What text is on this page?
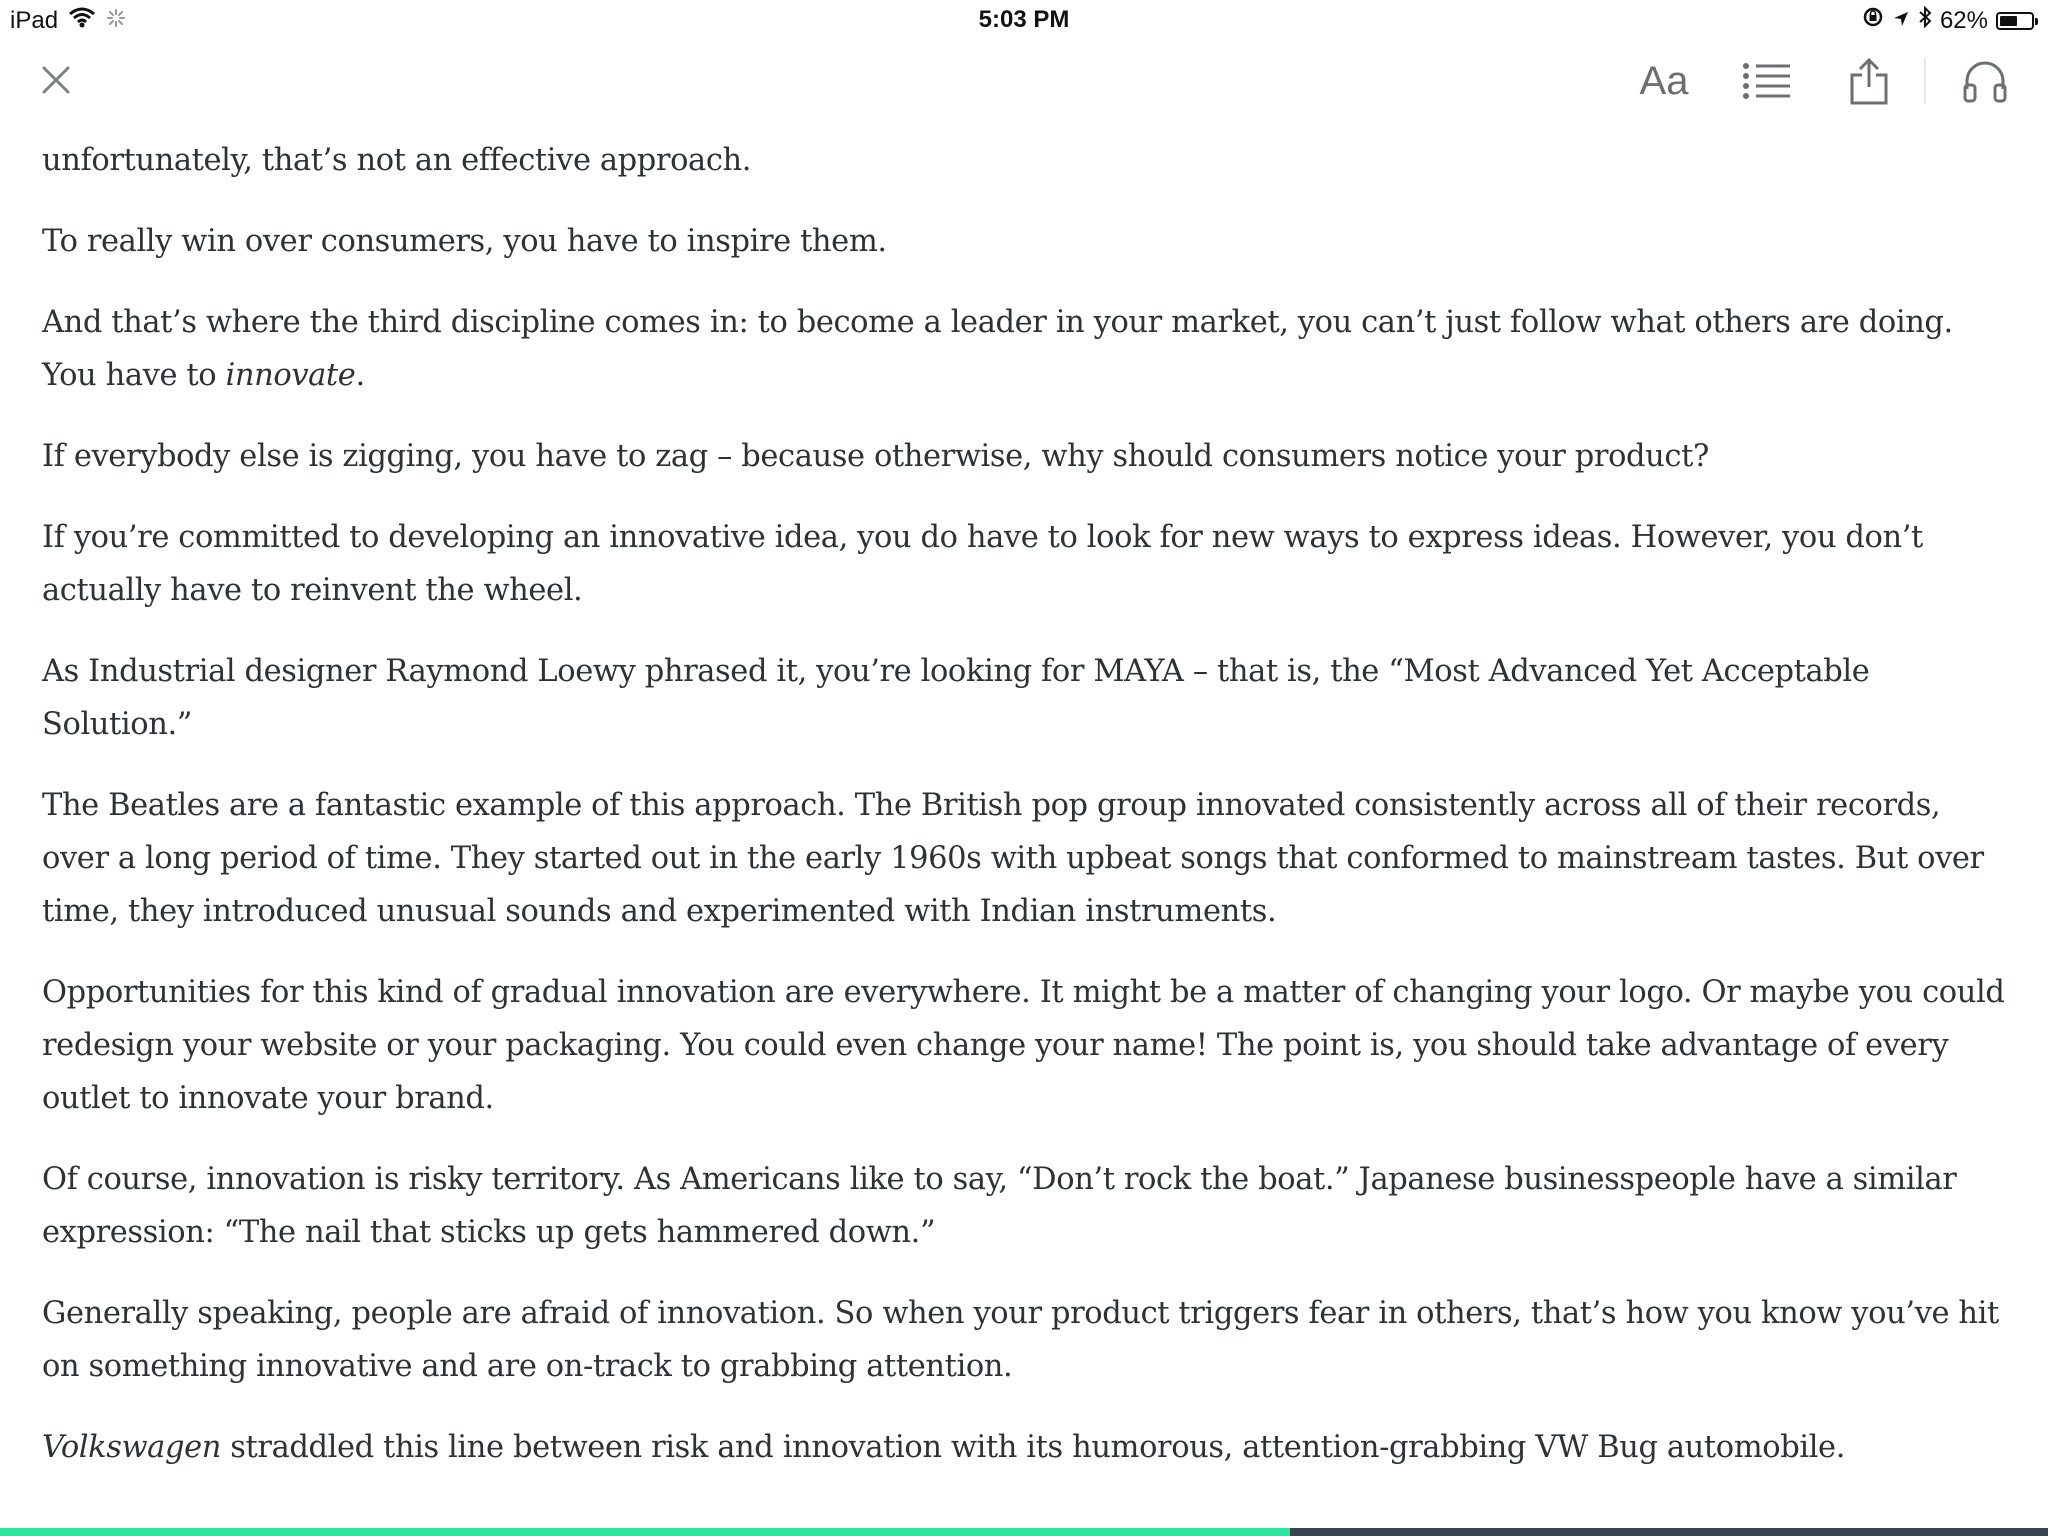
iPad	5:03 PM	62%
Aa

unfortunately, that’s not an effective approach.

To really win over consumers, you have to inspire them.

And that’s where the third discipline comes in: to become a leader in your market, you can’t just follow what others are doing. You have to innovate.

If everybody else is zigging, you have to zag – because otherwise, why should consumers notice your product?

If you’re committed to developing an innovative idea, you do have to look for new ways to express ideas. However, you don’t actually have to reinvent the wheel.

As Industrial designer Raymond Loewy phrased it, you’re looking for MAYA – that is, the “Most Advanced Yet Acceptable Solution.”

The Beatles are a fantastic example of this approach. The British pop group innovated consistently across all of their records, over a long period of time. They started out in the early 1960s with upbeat songs that conformed to mainstream tastes. But over time, they introduced unusual sounds and experimented with Indian instruments.

Opportunities for this kind of gradual innovation are everywhere. It might be a matter of changing your logo. Or maybe you could redesign your website or your packaging. You could even change your name! The point is, you should take advantage of every outlet to innovate your brand.

Of course, innovation is risky territory. As Americans like to say, “Don’t rock the boat.” Japanese businesspeople have a similar expression: “The nail that sticks up gets hammered down.”

Generally speaking, people are afraid of innovation. So when your product triggers fear in others, that’s how you know you’ve hit on something innovative and are on-track to grabbing attention.

Volkswagen straddled this line between risk and innovation with its humorous, attention-grabbing VW Bug automobile.
